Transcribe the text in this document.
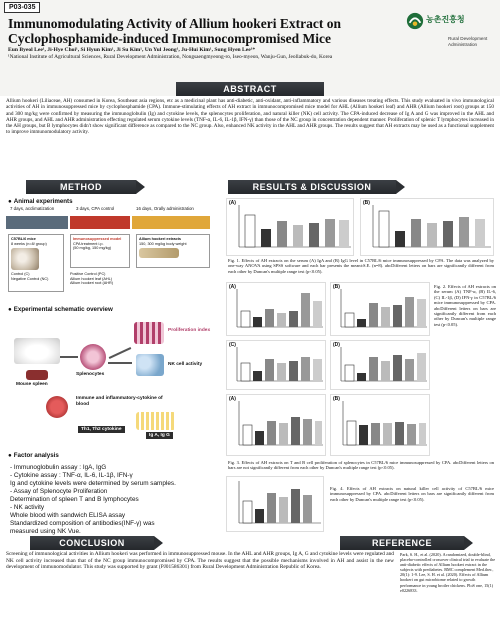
P03-035
Immunomodulating Activity of Allium hookeri Extract on Cyclophosphamide-induced Immunocompromised Mice
Eun Byeol Lee¹, Ji-Hye Choi¹, Si Hyun Kim¹, Ji Su Kim¹, Un Yul Jeong¹, Ju-Hui Kim¹, Sung Hyen Lee¹*
¹National Institute of Agricultural Sciences, Rural Development Administration, Nongsaengmyeong-ro, Iseo-myeon, Wanju-Gun, Jeollabuk-do, Korea
농촌진흥청
Rural Development
Administration
ABSTRACT
Allium hookeri (Liliaceae, AH) consumed in Korea, Southeast asia regions, etc as a medicinal plant has anti-diabetic, anti-oxidant, anti-inflammatory and various diseases treating effects. This study evaluated in vivo immunological activities of AH in immunosuppressed mice by cyclophosphamide (CPA). Immune-stimulating effects of AH extract in immunocompromised mice model for AHL (Allium hookeri leaf) and AHR (Allium hookeri root) groups at 150 and 300 mg/kg were confirmed by measuring the immunoglobulin (Ig) and cytokine levels, the splenocytes proliferation, and natural killer (NK) cell activity. The CPA-induced decrease of Ig A and G was improved in the AHL and AHR groups, and AHL and AHR administration effecting regulated serum cytokine levels (TNF-α, IL-6, IL-1β, IFN-γ) than those of the NC group in concentration dependent manner. Proliferation of splenic T lymphocytes increased in the AH groups, but B lymphocytes didn't show significant difference as compared to the NC group. Also, enhanced NK activity in the AHL and AHR groups. The results suggest that AH extracts may be used as a functional supplement to improve immunomodulatory activity.
METHOD
● Animal experiments
7 days, acclimatization	3 days, CPA control	16 days, Orally administration
C57BL/6 mice
8 weeks (n=8/ group)
Control (C)
Negative Control (NC)
Immunosuppressed model
CPA treatment i.p.
(50 mg/kg, 150 mg/kg)
Allium hookeri extracts
150, 300 mg/kg body weight
Positive Control (PC)
Allium hookeri leaf (AHL)
Allium hookeri root (AHR)
● Experimental schematic overview
Mouse spleen
Splenocytes
Proliferation index
NK cell activity
Immune and inflammatory-cytokine of blood
Th1, Th2 cytokine
Ig A, Ig G
● Factor analysis
- Immunoglobulin assay : IgA, IgG
- Cytokine assay : TNF-α, IL-6, IL-1β, IFN-γ
Ig and cytokine levels were determined by serum samples.
- Assay of Splenocyte Proliferation
Determination of spleen T and B lymphocytes
- NK activity
Whole blood with sandwich ELISA assay
Standardized composition of antibodies(INF-γ) was
measured using NK Vue.
RESULTS & DISCUSSION
(A)	(B)
Fig. 1. Effects of AH extracts on the serum (A) IgA and (B) IgG level in C57BL/6 mice immunosuppressed by CPA. The data was analyzed by one-way ANOVA using SPSS software and each bar presents the mean±S.E. (n=8). abcDifferent letters on bars are significantly different from each other by Duncan's multiple range test (p<0.05).
(A)	(B)	Fig. 2. Effects of AH extracts on the serum (A) TNF-α, (B) IL-6, (C) IL-1β, (D) IFN-γ in C57BL/6 mice immunosuppressed by CPA. abcDifferent letters on bars are significantly different from each other by Duncan's multiple range test (p<0.05).
(C)	(D)
(A)	(B)
Fig. 3. Effects of AH extracts on T and B cell proliferation of splenocytes in C57BL/6 mice immunosuppressed by CPA. abcDifferent letters on bars are not significantly different from each other by Duncan's multiple range test (p<0.05).
Fig. 4. Effects of AH extracts on natural killer cell activity of C57BL/6 mice immunosuppressed by CPA. abcDifferent letters on bars are significantly different from each other by Duncan's multiple range test (p<0.05).
CONCLUSION
Screening of immunological activities in Allium hookeri was performed in immunosuppressed mouse. In the AHL and AHR groups, Ig A, G and cytokine levels were regulated and NK cell activity increased than that of the NC group immunocompromised by CPA. The results suggest that the possible mechanisms involved in AH and assist in the new development of immunomodulator. This study was supported by grant (PJ01586301) from Rural Development Administration Republic of Korea.
REFERENCE
Park, S. H., et al. (2020). A randomized, double-blind, placebo-controlled crossover clinical trial to evaluate the anti-diabetic effects of Allium hookeri extract in the subjects with prediabetes. BMC complement Med.ther., 20(1): 1-9. Lee, S. H. et al. (2020). Effects of Allium hookeri on gut microbiome related to growth performance in young broiler chickens. PloS one, 15(1) e0226833.
